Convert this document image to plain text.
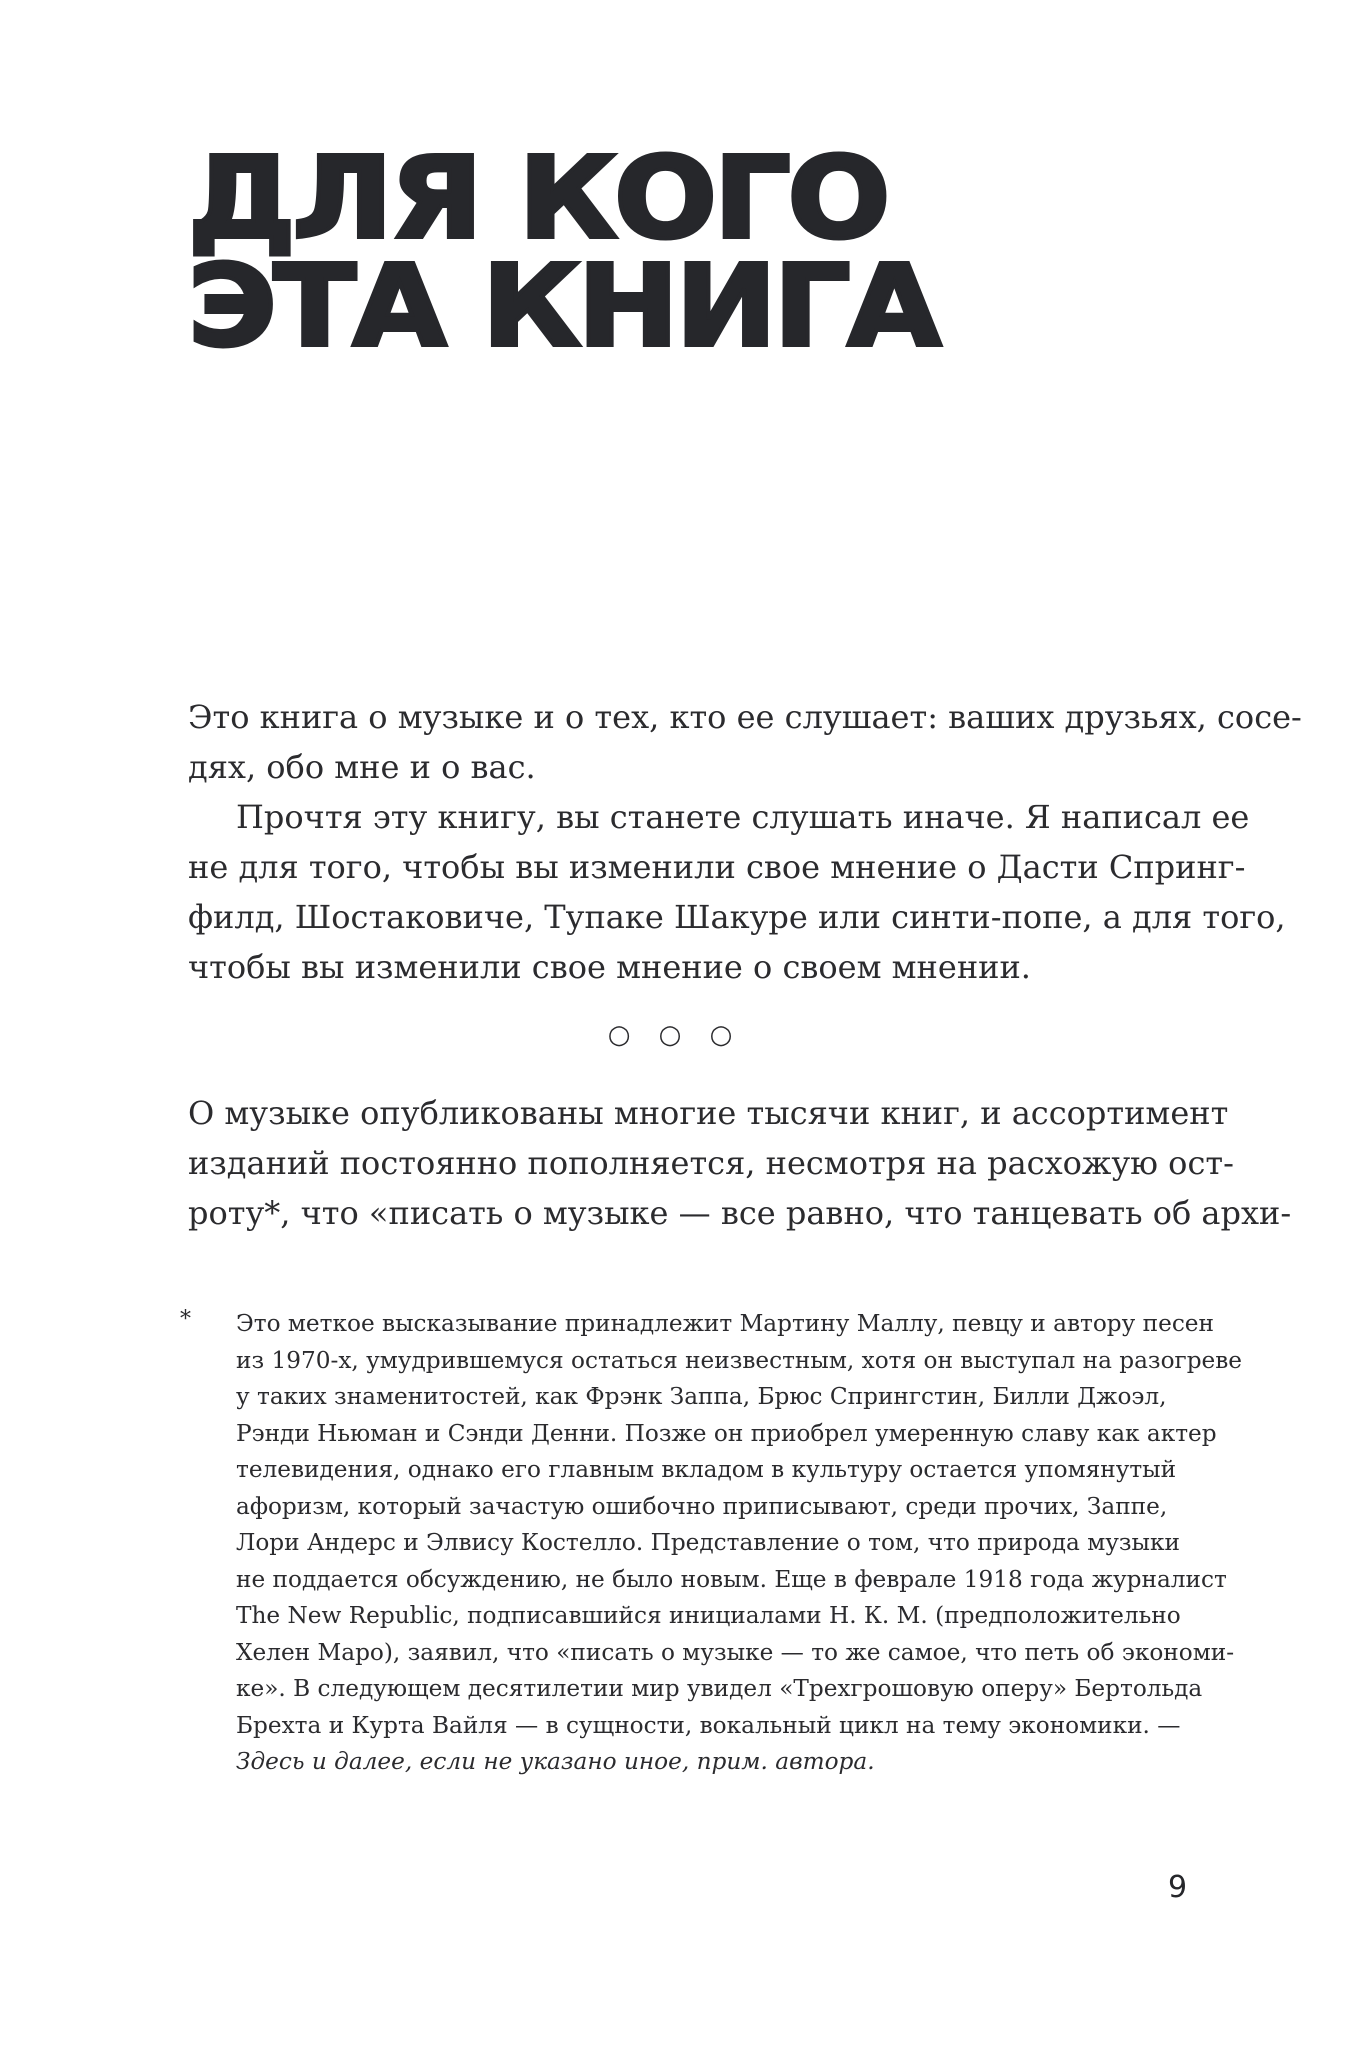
ДЛЯ КОГО
ЭТА КНИГА

Это книга о музыке и о тех, кто ее слушает: ваших друзьях, сосе-
дях, обо мне и о вас.

Прочтя эту книгу, вы станете слушать иначе. Я написал ее
не для того, чтобы вы изменили свое мнение о Дасти Спринг-
филд, Шостаковиче, Тупаке Шакуре или синти-попе, а для того,
чтобы вы изменили свое мнение о своем мнении.

○ ○ ○

О музыке опубликованы многие тысячи книг, и ассортимент
изданий постоянно пополняется, несмотря на расхожую ост-
роту*, что «писать о музыке — все равно, что танцевать об архи-

* Это меткое высказывание принадлежит Мартину Маллу, певцу и автору песен
из 1970-х, умудрившемуся остаться неизвестным, хотя он выступал на разогреве
у таких знаменитостей, как Фрэнк Заппа, Брюс Спрингстин, Билли Джоэл,
Рэнди Ньюман и Сэнди Денни. Позже он приобрел умеренную славу как актер
телевидения, однако его главным вкладом в культуру остается упомянутый
афоризм, который зачастую ошибочно приписывают, среди прочих, Заппе,
Лори Андерс и Элвису Костелло. Представление о том, что природа музыки
не поддается обсуждению, не было новым. Еще в феврале 1918 года журналист
The New Republic, подписавшийся инициалами Н. К. М. (предположительно
Хелен Маро), заявил, что «писать о музыке — то же самое, что петь об экономи-
ке». В следующем десятилетии мир увидел «Трехгрошовую оперу» Бертольда
Брехта и Курта Вайля — в сущности, вокальный цикл на тему экономики. —
Здесь и далее, если не указано иное, прим. автора.
9
